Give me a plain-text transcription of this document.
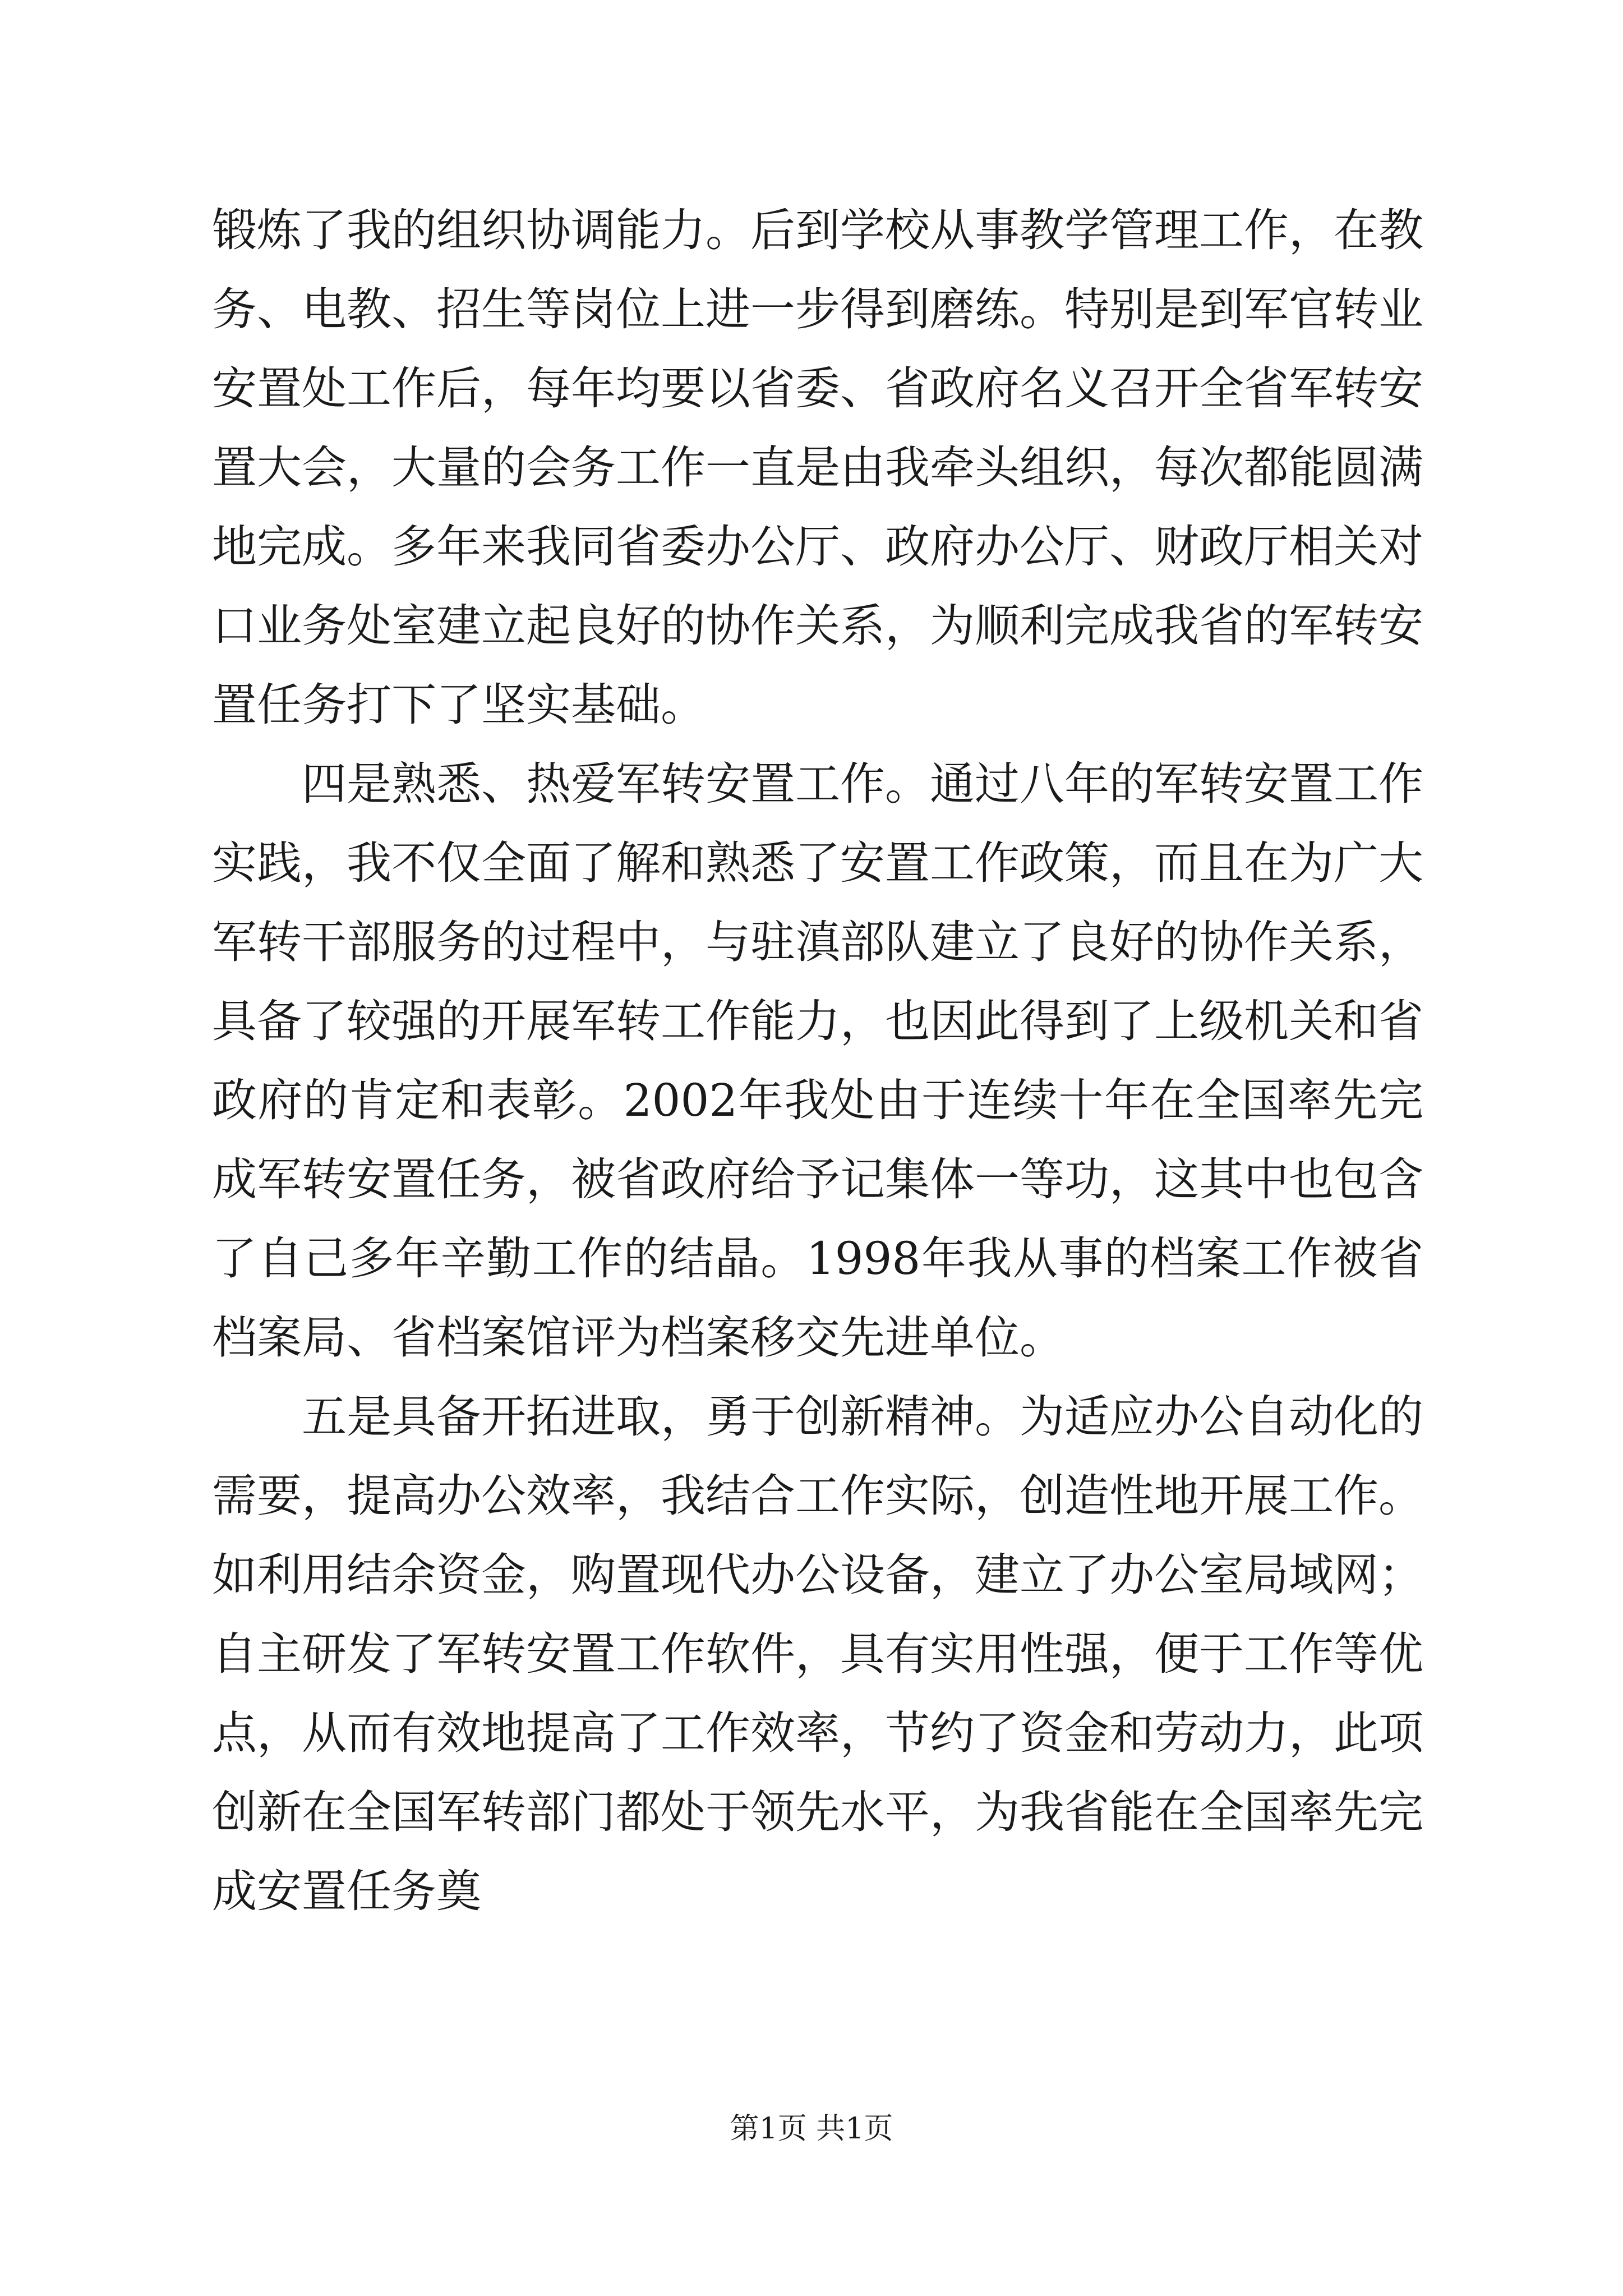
锻炼了我的组织协调能力。后到学校从事教学管理工作，在教务、电教、招生等岗位上进一步得到磨练。特别是到军官转业安置处工作后，每年均要以省委、省政府名义召开全省军转安置大会，大量的会务工作一直是由我牵头组织，每次都能圆满地完成。多年来我同省委办公厅、政府办公厅、财政厅相关对口业务处室建立起良好的协作关系，为顺利完成我省的军转安置任务打下了坚实基础。

四是熟悉、热爱军转安置工作。通过八年的军转安置工作实践，我不仅全面了解和熟悉了安置工作政策，而且在为广大军转干部服务的过程中，与驻滇部队建立了良好的协作关系，具备了较强的开展军转工作能力，也因此得到了上级机关和省政府的肯定和表彰。2002年我处由于连续十年在全国率先完成军转安置任务，被省政府给予记集体一等功，这其中也包含了自己多年辛勤工作的结晶。1998年我从事的档案工作被省档案局、省档案馆评为档案移交先进单位。

五是具备开拓进取，勇于创新精神。为适应办公自动化的需要，提高办公效率，我结合工作实际，创造性地开展工作。如利用结余资金，购置现代办公设备，建立了办公室局域网；自主研发了军转安置工作软件，具有实用性强，便于工作等优点，从而有效地提高了工作效率，节约了资金和劳动力，此项创新在全国军转部门都处于领先水平，为我省能在全国率先完成安置任务奠

第1页 共1页
